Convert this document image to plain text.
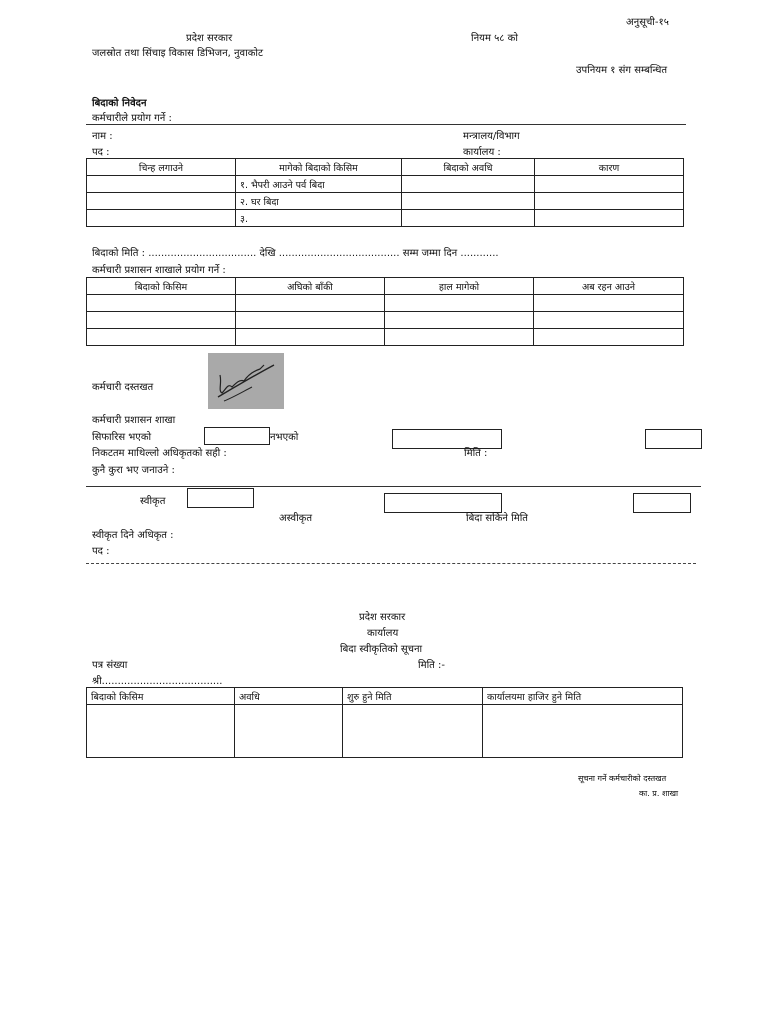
अनुसूची-१५
प्रदेश सरकार	नियम ५८ को
जलस्रोत तथा सिंचाइ विकास डिभिजन, नुवाकोट
उपनियम १ संग सम्बन्धित
बिदाको निवेदन
कर्मचारीले प्रयोग गर्ने :
नाम :	मन्त्रालय/विभाग
पद :	कार्यालय :
चिन्ह लगाउने	मागेको बिदाको किसिम	बिदाको अवधि	कारण
	१. भैपरी आउने पर्व बिदा		
	२. घर बिदा		
	३.		
बिदाको मिति : .................................. देखि ...................................... सम्म जम्मा दिन ............
कर्मचारी प्रशासन शाखाले प्रयोग गर्ने :
बिदाको किसिम	अघिको बाँकी	हाल मागेको	अब रहन आउने

कर्मचारी दस्तखत
कर्मचारी प्रशासन शाखा
सिफारिस भएको	नभएको
निकटतम माथिल्लो अधिकृतको सही :	मिति :
कुनै कुरा भए जनाउने :
स्वीकृत
अस्वीकृत	बिदा सकिने मिति
स्वीकृत दिने अधिकृत :
पद :
प्रदेश सरकार
कार्यालय
बिदा स्वीकृतिको सूचना
पत्र संख्या	मिति :-
श्री......................................
बिदाको किसिम	अवधि	शुरु हुने मिति	कार्यालयमा हाजिर हुने मिति

सूचना गर्ने कर्मचारीको दस्तखत
का. प्र. शाखा
